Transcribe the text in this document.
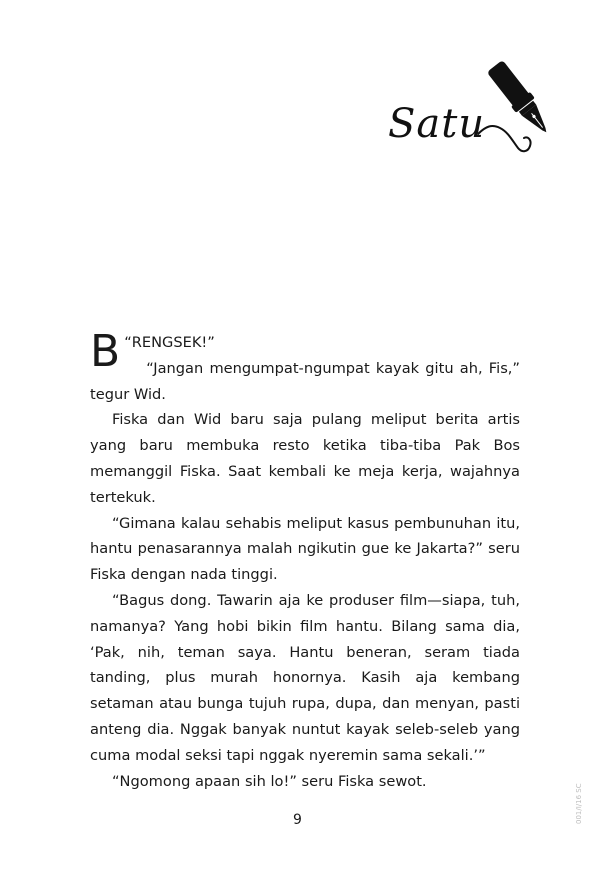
Satu

“
B RENGSEK!”
“Jangan mengumpat-ngumpat kayak gitu ah, Fis,” tegur Wid.

Fiska dan Wid baru saja pulang meliput berita artis yang baru membuka resto ketika tiba-tiba Pak Bos memanggil Fiska. Saat kembali ke meja kerja, wajahnya tertekuk.

“Gimana kalau sehabis meliput kasus pembunuhan itu, hantu penasarannya malah ngikutin gue ke Jakarta?” seru Fiska dengan nada tinggi.

“Bagus dong. Tawarin aja ke produser film—siapa, tuh, namanya? Yang hobi bikin film hantu. Bilang sama dia, ‘Pak, nih, teman saya. Hantu beneran, seram tiada tanding, plus murah honornya. Kasih aja kembang setaman atau bunga tujuh rupa, dupa, dan menyan, pasti anteng dia. Nggak banyak nuntut kayak seleb-seleb yang cuma modal seksi tapi nggak nyeremin sama sekali.’”

“Ngomong apaan sih lo!” seru Fiska sewot.

9	001/I/16 SC
